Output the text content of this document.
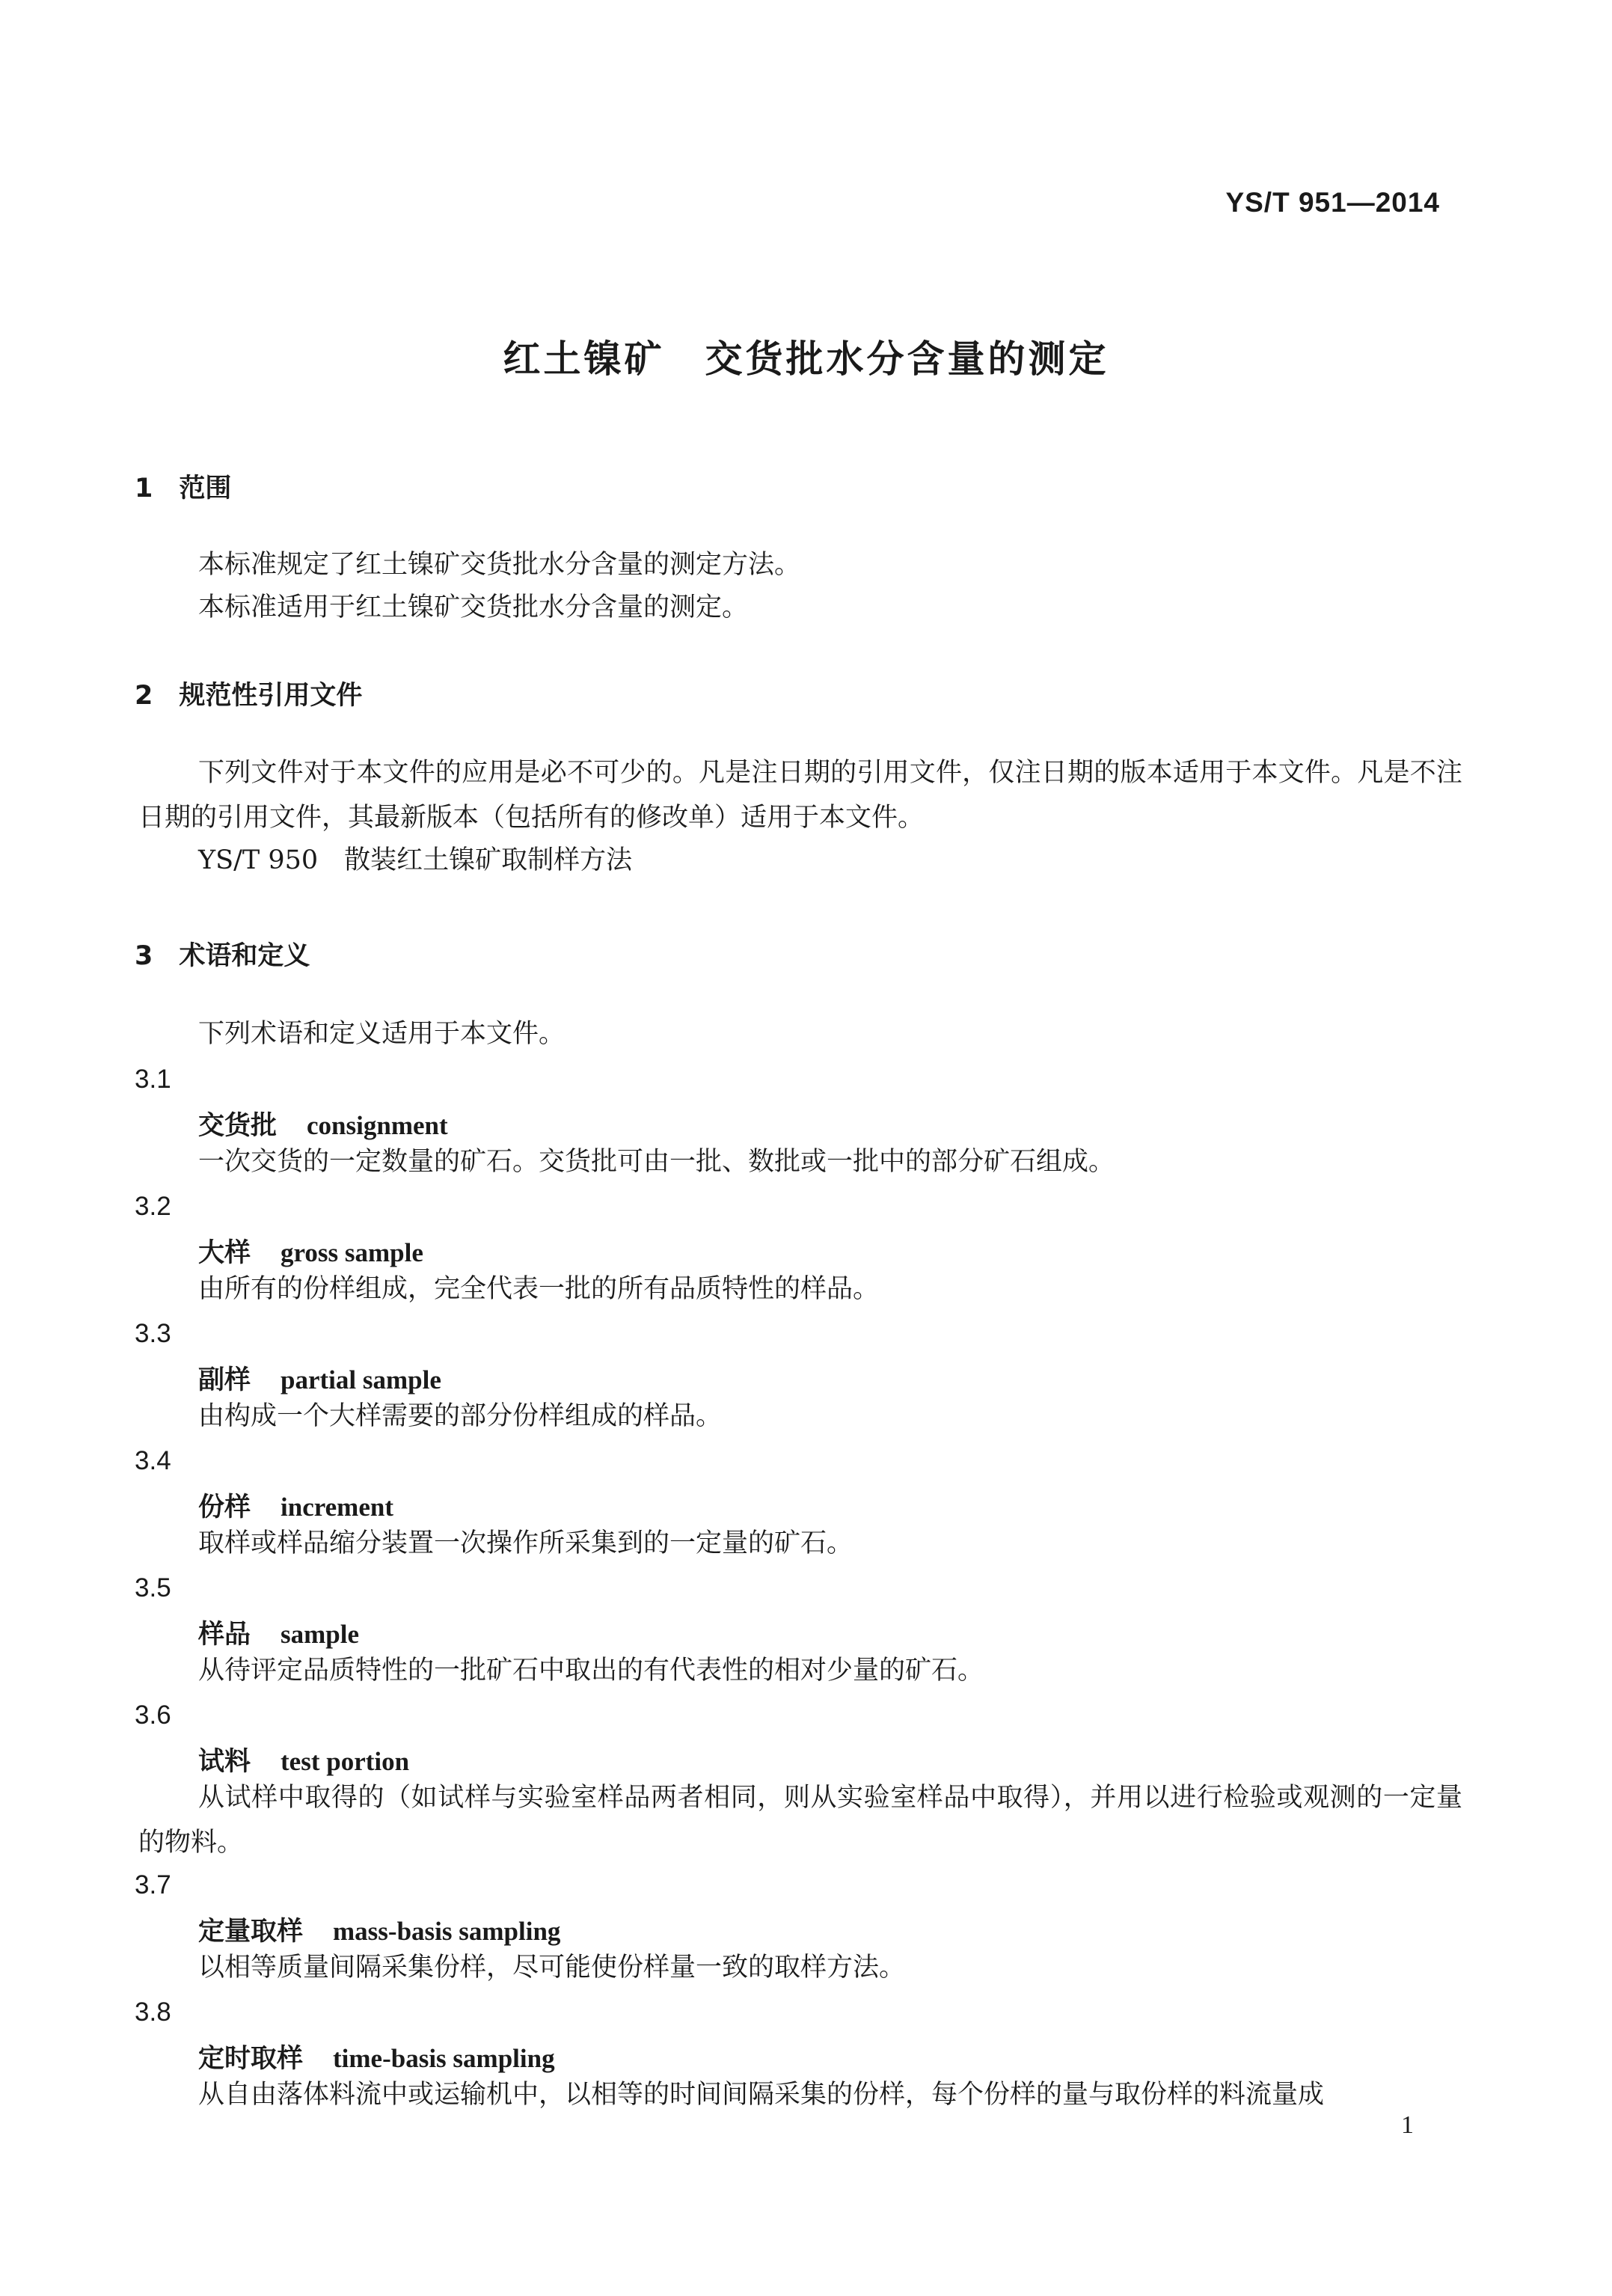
YS/T 951—2014
红土镍矿　交货批水分含量的测定
1　范围
本标准规定了红土镍矿交货批水分含量的测定方法。
本标准适用于红土镍矿交货批水分含量的测定。
2　规范性引用文件
下列文件对于本文件的应用是必不可少的。凡是注日期的引用文件，仅注日期的版本适用于本文件。凡是不注日期的引用文件，其最新版本（包括所有的修改单）适用于本文件。
YS/T 950　散装红土镍矿取制样方法
3　术语和定义
下列术语和定义适用于本文件。
3.1
交货批 consignment
一次交货的一定数量的矿石。交货批可由一批、数批或一批中的部分矿石组成。
3.2
大样 gross sample
由所有的份样组成，完全代表一批的所有品质特性的样品。
3.3
副样 partial sample
由构成一个大样需要的部分份样组成的样品。
3.4
份样 increment
取样或样品缩分装置一次操作所采集到的一定量的矿石。
3.5
样品 sample
从待评定品质特性的一批矿石中取出的有代表性的相对少量的矿石。
3.6
试料 test portion
从试样中取得的（如试样与实验室样品两者相同，则从实验室样品中取得），并用以进行检验或观测的一定量的物料。
3.7
定量取样 mass-basis sampling
以相等质量间隔采集份样，尽可能使份样量一致的取样方法。
3.8
定时取样 time-basis sampling
从自由落体料流中或运输机中，以相等的时间间隔采集的份样，每个份样的量与取份样的料流量成
1
